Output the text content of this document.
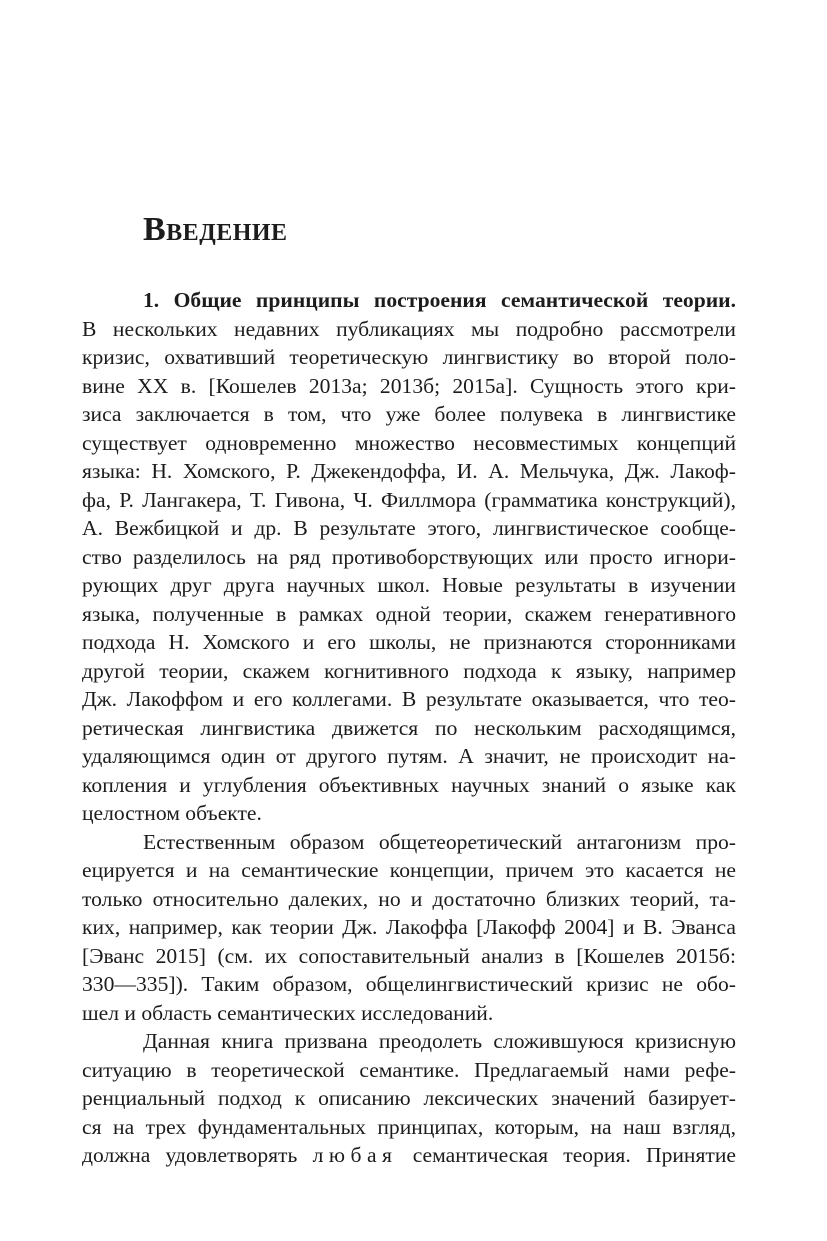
Введение
1. Общие принципы построения семантической теории.
В нескольких недавних публикациях мы подробно рассмотрели
кризис, охвативший теоретическую лингвистику во второй поло-
вине XX в. [Кошелев 2013а; 2013б; 2015а]. Сущность этого кри-
зиса заключается в том, что уже более полувека в лингвистике
существует одновременно множество несовместимых концепций
языка: Н. Хомского, Р. Джекендоффа, И. А. Мельчука, Дж. Лакоф-
фа, Р. Лангакера, Т. Гивона, Ч. Филлмора (грамматика конструкций),
А. Вежбицкой и др. В результате этого, лингвистическое сообще-
ство разделилось на ряд противоборствующих или просто игнори-
рующих друг друга научных школ. Новые результаты в изучении
языка, полученные в рамках одной теории, скажем генеративного
подхода Н. Хомского и его школы, не признаются сторонниками
другой теории, скажем когнитивного подхода к языку, например
Дж. Лакоффом и его коллегами. В результате оказывается, что тео-
ретическая лингвистика движется по нескольким расходящимся,
удаляющимся один от другого путям. А значит, не происходит на-
копления и углубления объективных научных знаний о языке как
целостном объекте.
Естественным образом общетеоретический антагонизм про-
ецируется и на семантические концепции, причем это касается не
только относительно далеких, но и достаточно близких теорий, та-
ких, например, как теории Дж. Лакоффа [Лакофф 2004] и В. Эванса
[Эванс 2015] (см. их сопоставительный анализ в [Кошелев 2015б:
330—335]). Таким образом, общелингвистический кризис не обо-
шел и область семантических исследований.
Данная книга призвана преодолеть сложившуюся кризисную
ситуацию в теоретической семантике. Предлагаемый нами рефе-
ренциальный подход к описанию лексических значений базирует-
ся на трех фундаментальных принципах, которым, на наш взгляд,
должна удовлетворять любая семантическая теория. Принятие
